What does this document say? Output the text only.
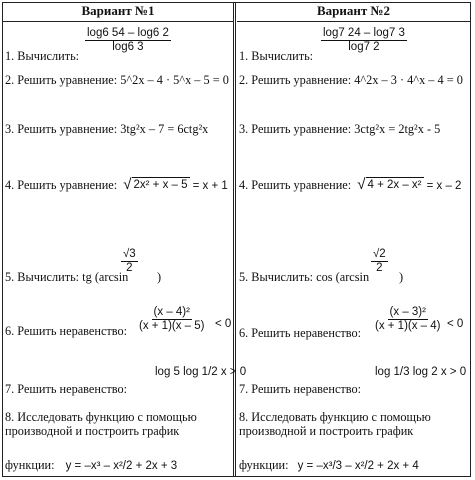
Вариант №1	Вариант №2
1. Вычислить:
$\frac{\log 6 54 - \log 6 2}{\log 6 3}$
2. Решить уравнение: 5^2x – 4 · 5^x – 5 = 0
3. Решить уравнение: 3tg²x – 7 = 6ctg²x
4. Решить уравнение: √ 2x² + x – 5 = x + 1
5. Вычислить: tg (arcsin
$\frac{√3}{2}$
)
6. Решить неравенство: $\frac{\text{(x – 4)²}}{(x + 1)(x - 5)} < 0$
7. Решить неравенство:
log 5 log 1/2 x > 0
8. Исследовать функцию с помощью производной и построить график
функции: y = –x³ – x²/2 + 2x + 3
1. Вычислить:
$\frac{\log 7 24 - \log 7 3}{\log 7 2}$
2. Решить уравнение: 4^2x – 3 · 4^x – 4 = 0
3. Решить уравнение: 3ctg²x = 2tg²x - 5
4. Решить уравнение: √ 4 + 2x – x² = x – 2
5. Вычислить: cos (arcsin
$\frac{√2}{2}$
)
6. Решить неравенство: $\frac{\text{(x – 3)²}}{(x + 1)(x - 4)} < 0$
7. Решить неравенство:
log 1/3 log 2 x > 0
8. Исследовать функцию с помощью производной и построить график
функции: y = –x³/3 – x²/2 + 2x + 4
